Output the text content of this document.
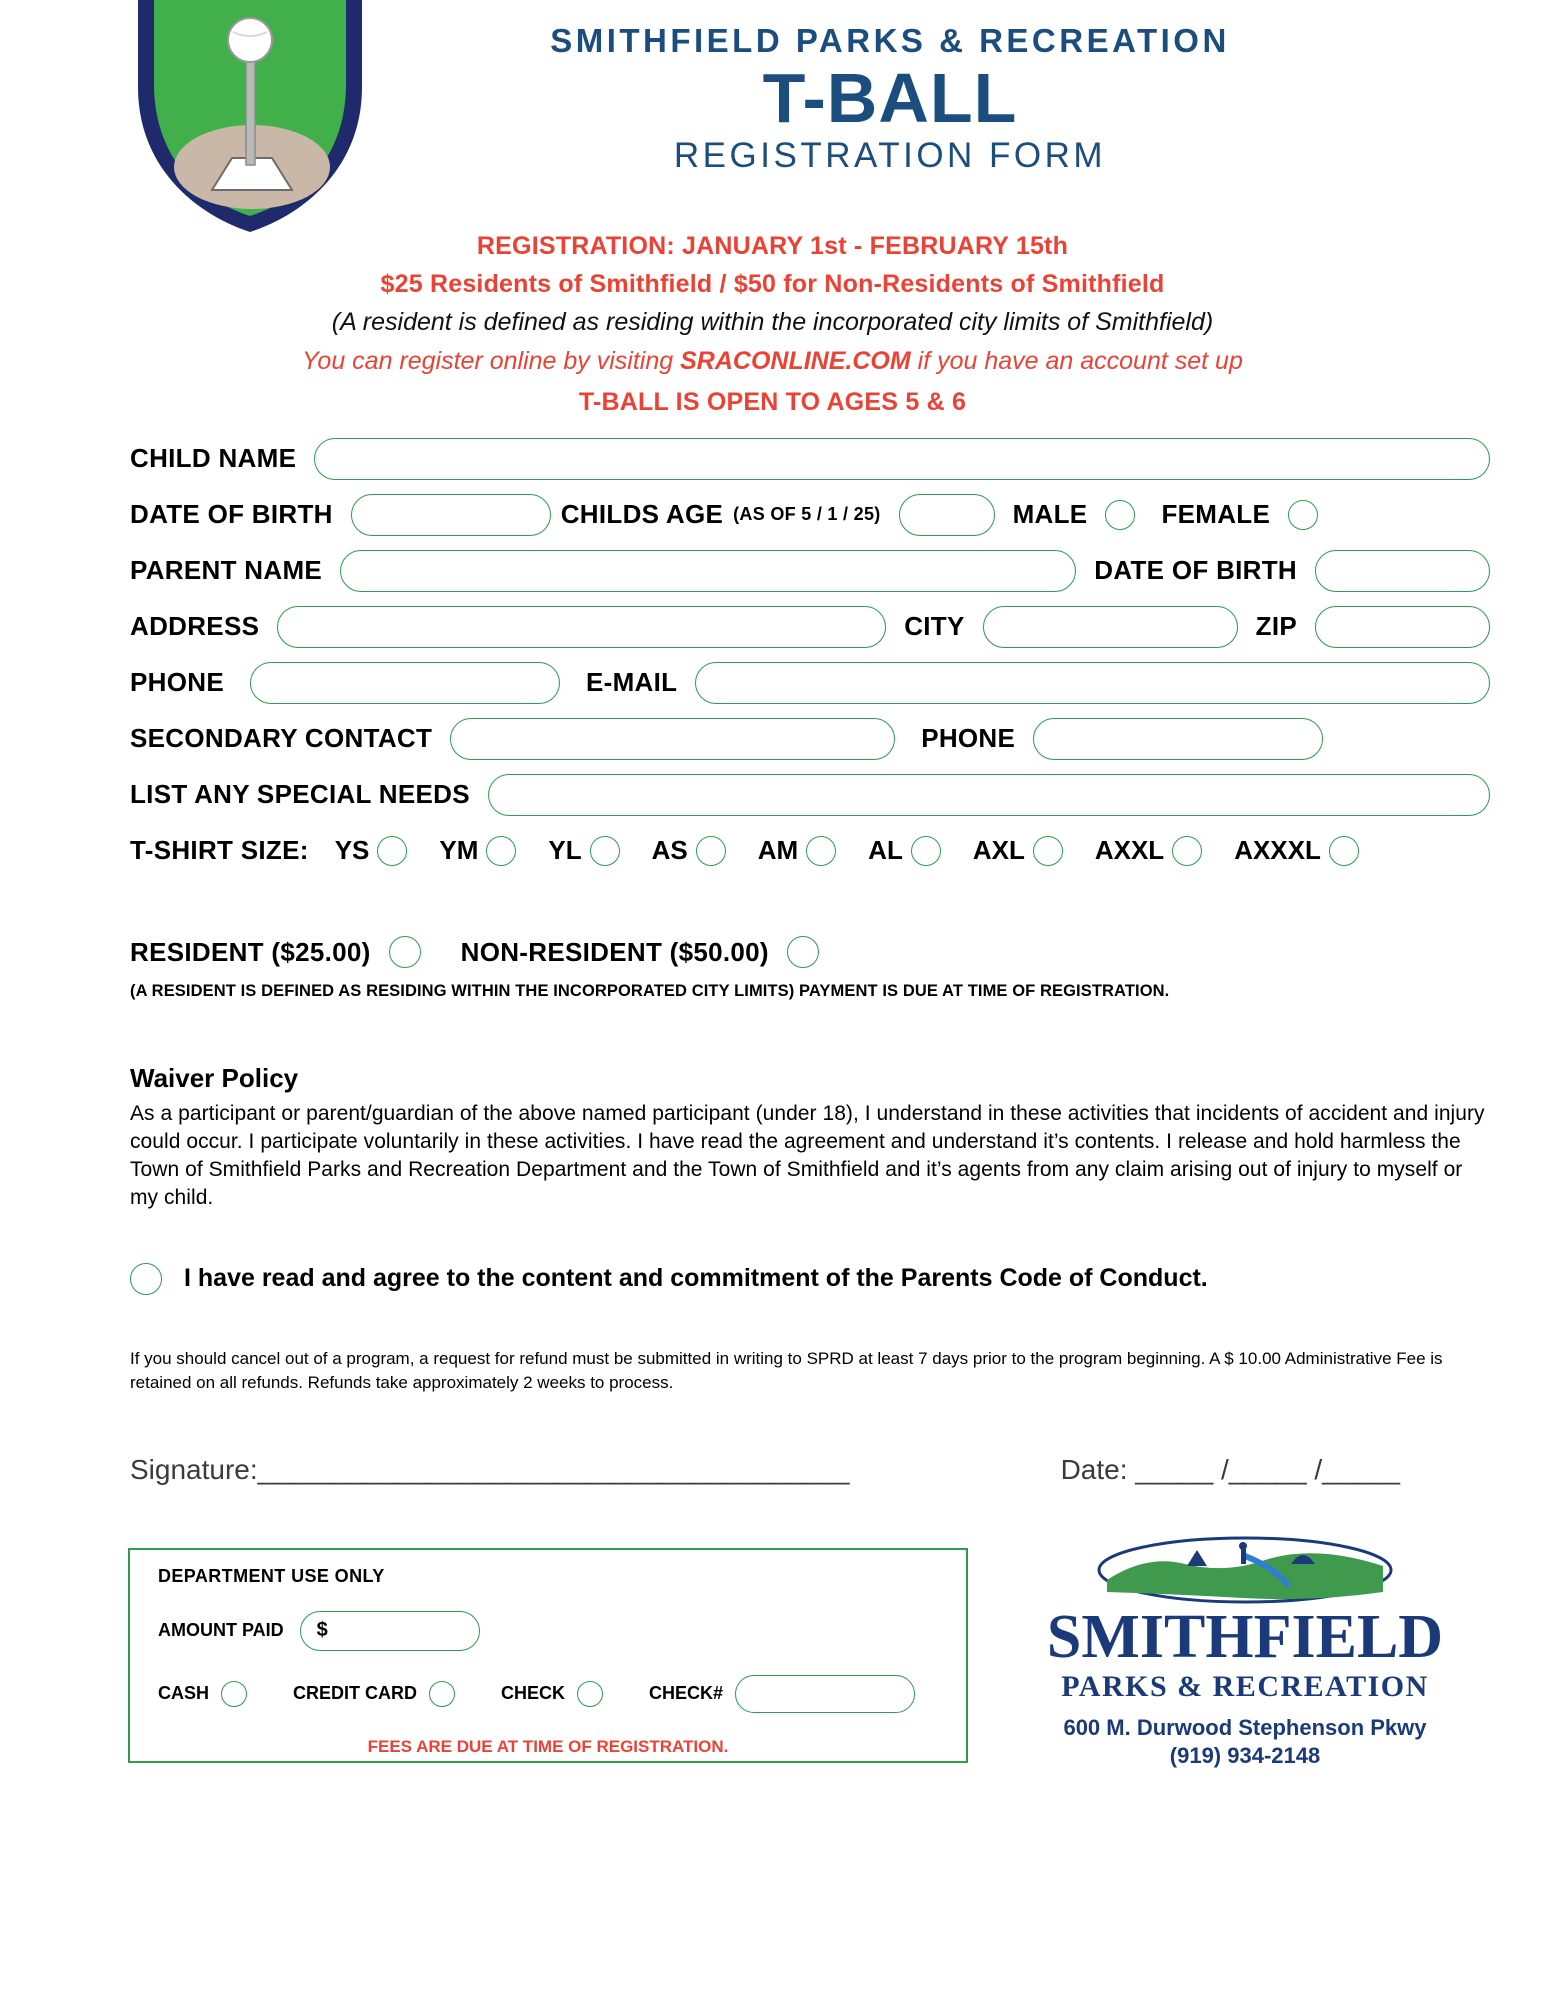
SMITHFIELD PARKS & RECREATION
T-BALL
REGISTRATION FORM
REGISTRATION: JANUARY 1st - FEBRUARY 15th
$25 Residents of Smithfield / $50 for Non-Residents of Smithfield
(A resident is defined as residing within the incorporated city limits of Smithfield)
You can register online by visiting SRACONLINE.COM if you have an account set up
T-BALL IS OPEN TO AGES 5 & 6
CHILD NAME
DATE OF BIRTH	CHILDS AGE (AS OF 5 / 1 / 25)	MALE	FEMALE
PARENT NAME	DATE OF BIRTH
ADDRESS	CITY	ZIP
PHONE	E-MAIL
SECONDARY CONTACT	PHONE
LIST ANY SPECIAL NEEDS
T-SHIRT SIZE: YS	YM	YL	AS	AM	AL	AXL	AXXL	AXXXL
RESIDENT ($25.00)	NON-RESIDENT ($50.00)
(A RESIDENT IS DEFINED AS RESIDING WITHIN THE INCORPORATED CITY LIMITS) PAYMENT IS DUE AT TIME OF REGISTRATION.
Waiver Policy

As a participant or parent/guardian of the above named participant (under 18), I understand in these activities that incidents of accident and injury could occur. I participate voluntarily in these activities. I have read the agreement and understand it’s contents. I release and hold harmless the Town of Smithfield Parks and Recreation Department and the Town of Smithfield and it’s agents from any claim arising out of injury to myself or my child.

I have read and agree to the content and commitment of the Parents Code of Conduct.
If you should cancel out of a program, a request for refund must be submitted in writing to SPRD at least 7 days prior to the program beginning. A $ 10.00 Administrative Fee is retained on all refunds. Refunds take approximately 2 weeks to process.
Signature: ______________________________________	Date: _____ /_____ /_____
DEPARTMENT USE ONLY
AMOUNT PAID $
CASH	CREDIT CARD	CHECK	CHECK#
FEES ARE DUE AT TIME OF REGISTRATION.
SMITHFIELD
PARKS & RECREATION
600 M. Durwood Stephenson Pkwy
(919) 934-2148
